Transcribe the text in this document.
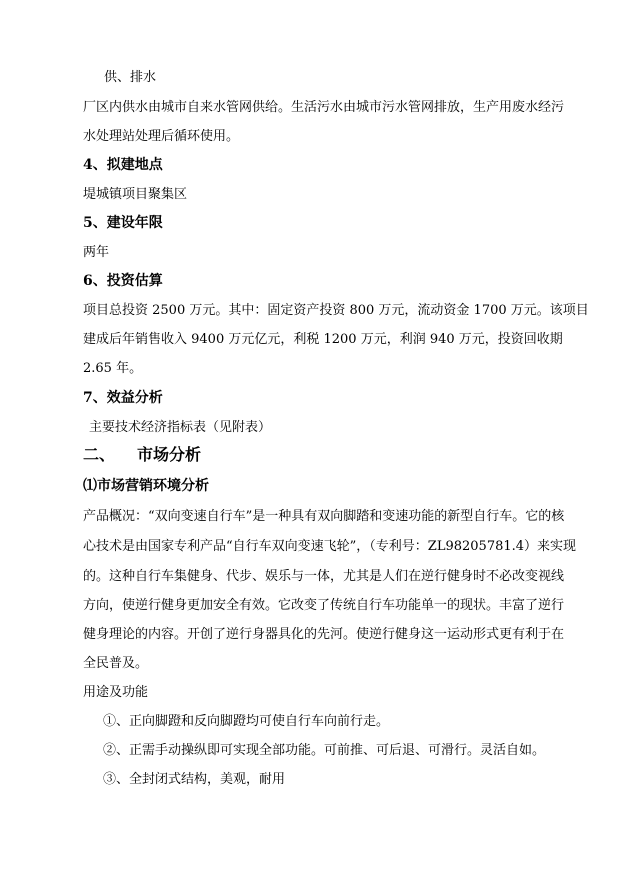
供、排水
厂区内供水由城市自来水管网供给。生活污水由城市污水管网排放，生产用废水经污
水处理站处理后循环使用。
4、拟建地点
堤城镇项目聚集区
5、建设年限
两年
6、投资估算
项目总投资 2500 万元。其中：固定资产投资 800 万元，流动资金 1700 万元。该项目
建成后年销售收入 9400 万元亿元，利税 1200 万元，利润 940 万元，投资回收期
2.65 年。
7、效益分析
主要技术经济指标表（见附表）
二、 市场分析
⑴市场营销环境分析
产品概况：“双向变速自行车”是一种具有双向脚踏和变速功能的新型自行车。它的核
心技术是由国家专利产品“自行车双向变速飞轮”，（专利号：ZL98205781.4）来实现
的。这种自行车集健身、代步、娱乐与一体，尤其是人们在逆行健身时不必改变视线
方向，使逆行健身更加安全有效。它改变了传统自行车功能单一的现状。丰富了逆行
健身理论的内容。开创了逆行身器具化的先河。使逆行健身这一运动形式更有利于在
全民普及。
用途及功能
①、正向脚蹬和反向脚蹬均可使自行车向前行走。
②、正需手动操纵即可实现全部功能。可前推、可后退、可滑行。灵活自如。
③、全封闭式结构，美观，耐用
